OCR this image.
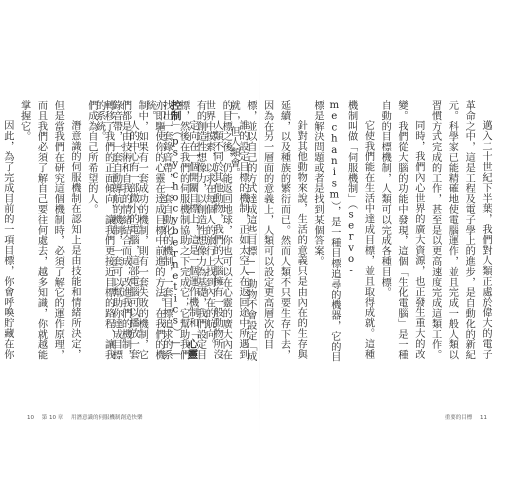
誰的設定目標的機制，正如太空人在返回途中所遇到的目標之後，仍能返回地球，你也可以在心靈的廣大內在世界中摸索，以求在每個人的旅行上找到內在的航向。

定向在一個開關目標上，這是一個運作機制和「心靈控制」（psychocybernetics）——亦即驅使你的心靈在達成目標中前進的方法。在我們的機制中，如果有一套成功的機制，則有一套失敗的機制，它們都是由技術和自我的情緒結合而成；改進我們的機制，轉移了我們的正面傾向，讓我們更接近目標的路程、讓我們成為自己所希望的人。

潛意識的伺服機制在認知上是由技能和情緒所決定，但是當我們在研究這個機制時，必須了解它的運作原理，而且我們必須了解自己要往何處去，越多知識，你就越能掌握它。

因此，為了完成目前的一項目標，你會呼喚貯藏在你	邁入二十世紀下半葉，我們對人類正處於偉大的電子革命之中，這是工程及電子學上的進步，是自動化的新紀元。科學家已能精確地使電腦運作，並且完成一般人類以習慣方式完成的工作，甚至是以更高速度完成這類工作。

同時，我們內心世界的廣大資源，也正發生重大的改變。我們從大腦的功能中發現，這個「生化電腦」是一種自動的目標機制，人類可以完成各種目標。

它使我們能在生活中達成目標，並且取得成就。這種機制叫做「伺服機制」（servo-mechanism），是一種目標追尋的機器，它的目標是解決問題或者是找到某個答案。

針對其他動物來說，生活的意義只是由內在的生存與延續，以及種族的繁衍而已。然而人類不只要生存下去，因為在另一層面的意義上，人類可以設定更高層次的目標，並以自己的方式達成這些目標——動物不會設定「成就」，但人類會。

人類不同於其他動物，我們的大腦擁有一般動物所沒有的創造性想像力，以創造性想像力為基礎，我們設定目標，然後在我們的伺服機制協助之下完成它；它幫助我們找出一套錄音帶，一套自動化的機制，一套目標追求的系統。

人的中心有一部微小的電腦，這部電腦可以播放一套錄音帶，一套自動導航的機制，一套可以幫助你達成目標的系統。

10 第 10 章 用潛意識的伺服機制創造快樂	重要的目標 11
